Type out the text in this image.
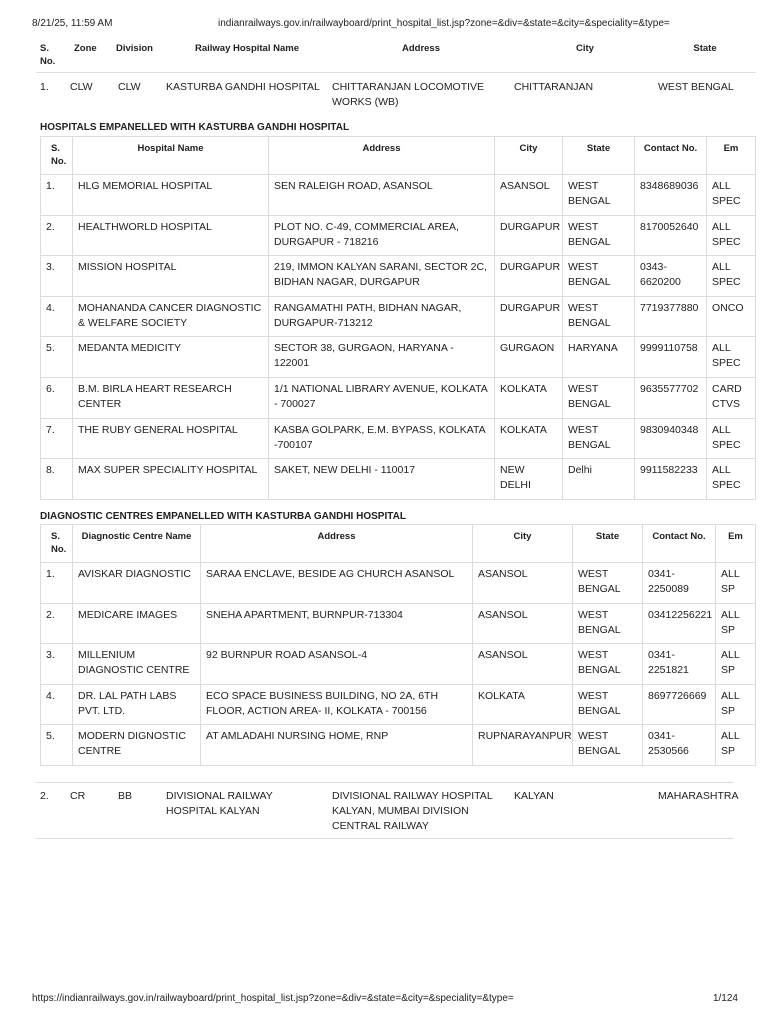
8/21/25, 11:59 AM	indianrailways.gov.in/railwayboard/print_hospital_list.jsp?zone=&div=&state=&city=&speciality=&type=
S. No.	Zone	Division	Railway Hospital Name	Address	City	State
1.	CLW	CLW	KASTURBA GANDHI HOSPITAL	CHITTARANJAN LOCOMOTIVE WORKS (WB)	CHITTARANJAN	WEST BENGAL
HOSPITALS EMPANELLED WITH KASTURBA GANDHI HOSPITAL
S. No.	Hospital Name	Address	City	State	Contact No.	Em
1.	HLG MEMORIAL HOSPITAL	SEN RALEIGH ROAD, ASANSOL	ASANSOL	WEST BENGAL	8348689036	ALL SPEC
2.	HEALTHWORLD HOSPITAL	PLOT NO. C-49, COMMERCIAL AREA, DURGAPUR - 718216	DURGAPUR	WEST BENGAL	8170052640	ALL SPEC
3.	MISSION HOSPITAL	219, IMMON KALYAN SARANI, SECTOR 2C, BIDHAN NAGAR, DURGAPUR	DURGAPUR	WEST BENGAL	0343-6620200	ALL SPEC
4.	MOHANANDA CANCER DIAGNOSTIC & WELFARE SOCIETY	RANGAMATHI PATH, BIDHAN NAGAR, DURGAPUR-713212	DURGAPUR	WEST BENGAL	7719377880	ONCO
5.	MEDANTA MEDICITY	SECTOR 38, GURGAON, HARYANA - 122001	GURGAON	HARYANA	9999110758	ALL SPEC
6.	B.M. BIRLA HEART RESEARCH CENTER	1/1 NATIONAL LIBRARY AVENUE, KOLKATA - 700027	KOLKATA	WEST BENGAL	9635577702	CARD CTVS
7.	THE RUBY GENERAL HOSPITAL	KASBA GOLPARK, E.M. BYPASS, KOLKATA -700107	KOLKATA	WEST BENGAL	9830940348	ALL SPEC
8.	MAX SUPER SPECIALITY HOSPITAL	SAKET, NEW DELHI - 110017	NEW DELHI	Delhi	9911582233	ALL SPEC
DIAGNOSTIC CENTRES EMPANELLED WITH KASTURBA GANDHI HOSPITAL
S. No.	Diagnostic Centre Name	Address	City	State	Contact No.	Em
1.	AVISKAR DIAGNOSTIC	SARAA ENCLAVE, BESIDE AG CHURCH ASANSOL	ASANSOL	WEST BENGAL	0341-2250089	ALL SP
2.	MEDICARE IMAGES	SNEHA APARTMENT, BURNPUR-713304	ASANSOL	WEST BENGAL	03412256221	ALL SP
3.	MILLENIUM DIAGNOSTIC CENTRE	92 BURNPUR ROAD ASANSOL-4	ASANSOL	WEST BENGAL	0341-2251821	ALL SP
4.	DR. LAL PATH LABS PVT. LTD.	ECO SPACE BUSINESS BUILDING, NO 2A, 6TH FLOOR, ACTION AREA- II, KOLKATA - 700156	KOLKATA	WEST BENGAL	8697726669	ALL SP
5.	MODERN DIGNOSTIC CENTRE	AT AMLADAHI NURSING HOME, RNP	RUPNARAYANPUR	WEST BENGAL	0341-2530566	ALL SP
2.	CR	BB	DIVISIONAL RAILWAY HOSPITAL KALYAN	DIVISIONAL RAILWAY HOSPITAL KALYAN, MUMBAI DIVISION CENTRAL RAILWAY	KALYAN	MAHARASHTRA
https://indianrailways.gov.in/railwayboard/print_hospital_list.jsp?zone=&div=&state=&city=&speciality=&type=	1/124
